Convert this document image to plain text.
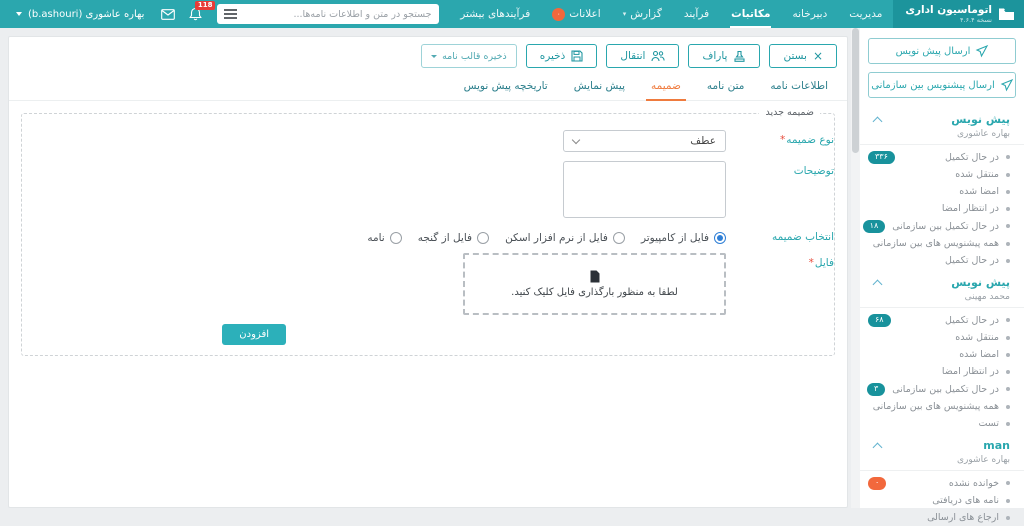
اتوماسیون اداری
نسخه ۴.۶.۴
مدیریت
دبیرخانه
مکاتبات
فرآیند
گزارش
▾
اعلانات
۰
فرآیندهای بیشتر
جستجو در متن و اطلاعات نامه‌ها...
118
بهاره عاشوری (b.ashouri)
ارسال پیش نویس
ارسال پیشنویس بین سازمانی
پیش نویس
بهاره عاشوری
در حال تکمیل
۳۳۶
منتقل شده
امضا شده
در انتظار امضا
در حال تکمیل بین سازمانی
۱۸
همه پیشنویس های بین سازمانی
در حال تکمیل
پیش نویس
محمد مهینی
در حال تکمیل
۶۸
منتقل شده
امضا شده
در انتظار امضا
در حال تکمیل بین سازمانی
۳
همه پیشنویس های بین سازمانی
تست
man
بهاره عاشوری
خوانده نشده
۰
نامه های دریافتی
ارجاع های ارسالی
×
بستن
پاراف
انتقال
ذخیره
ذخیره قالب نامه
اطلاعات نامه
متن نامه
ضمیمه
پیش نمایش
تاریخچه پیش نویس
ضمیمه جدید
نوع ضمیمه*
عطف
توضیحات
انتخاب ضمیمه
فایل از کامپیوتر
فایل از نرم افزار اسکن
فایل از گنجه
نامه
فایل*
لطفا به منظور بارگذاری فایل کلیک کنید.
افزودن
